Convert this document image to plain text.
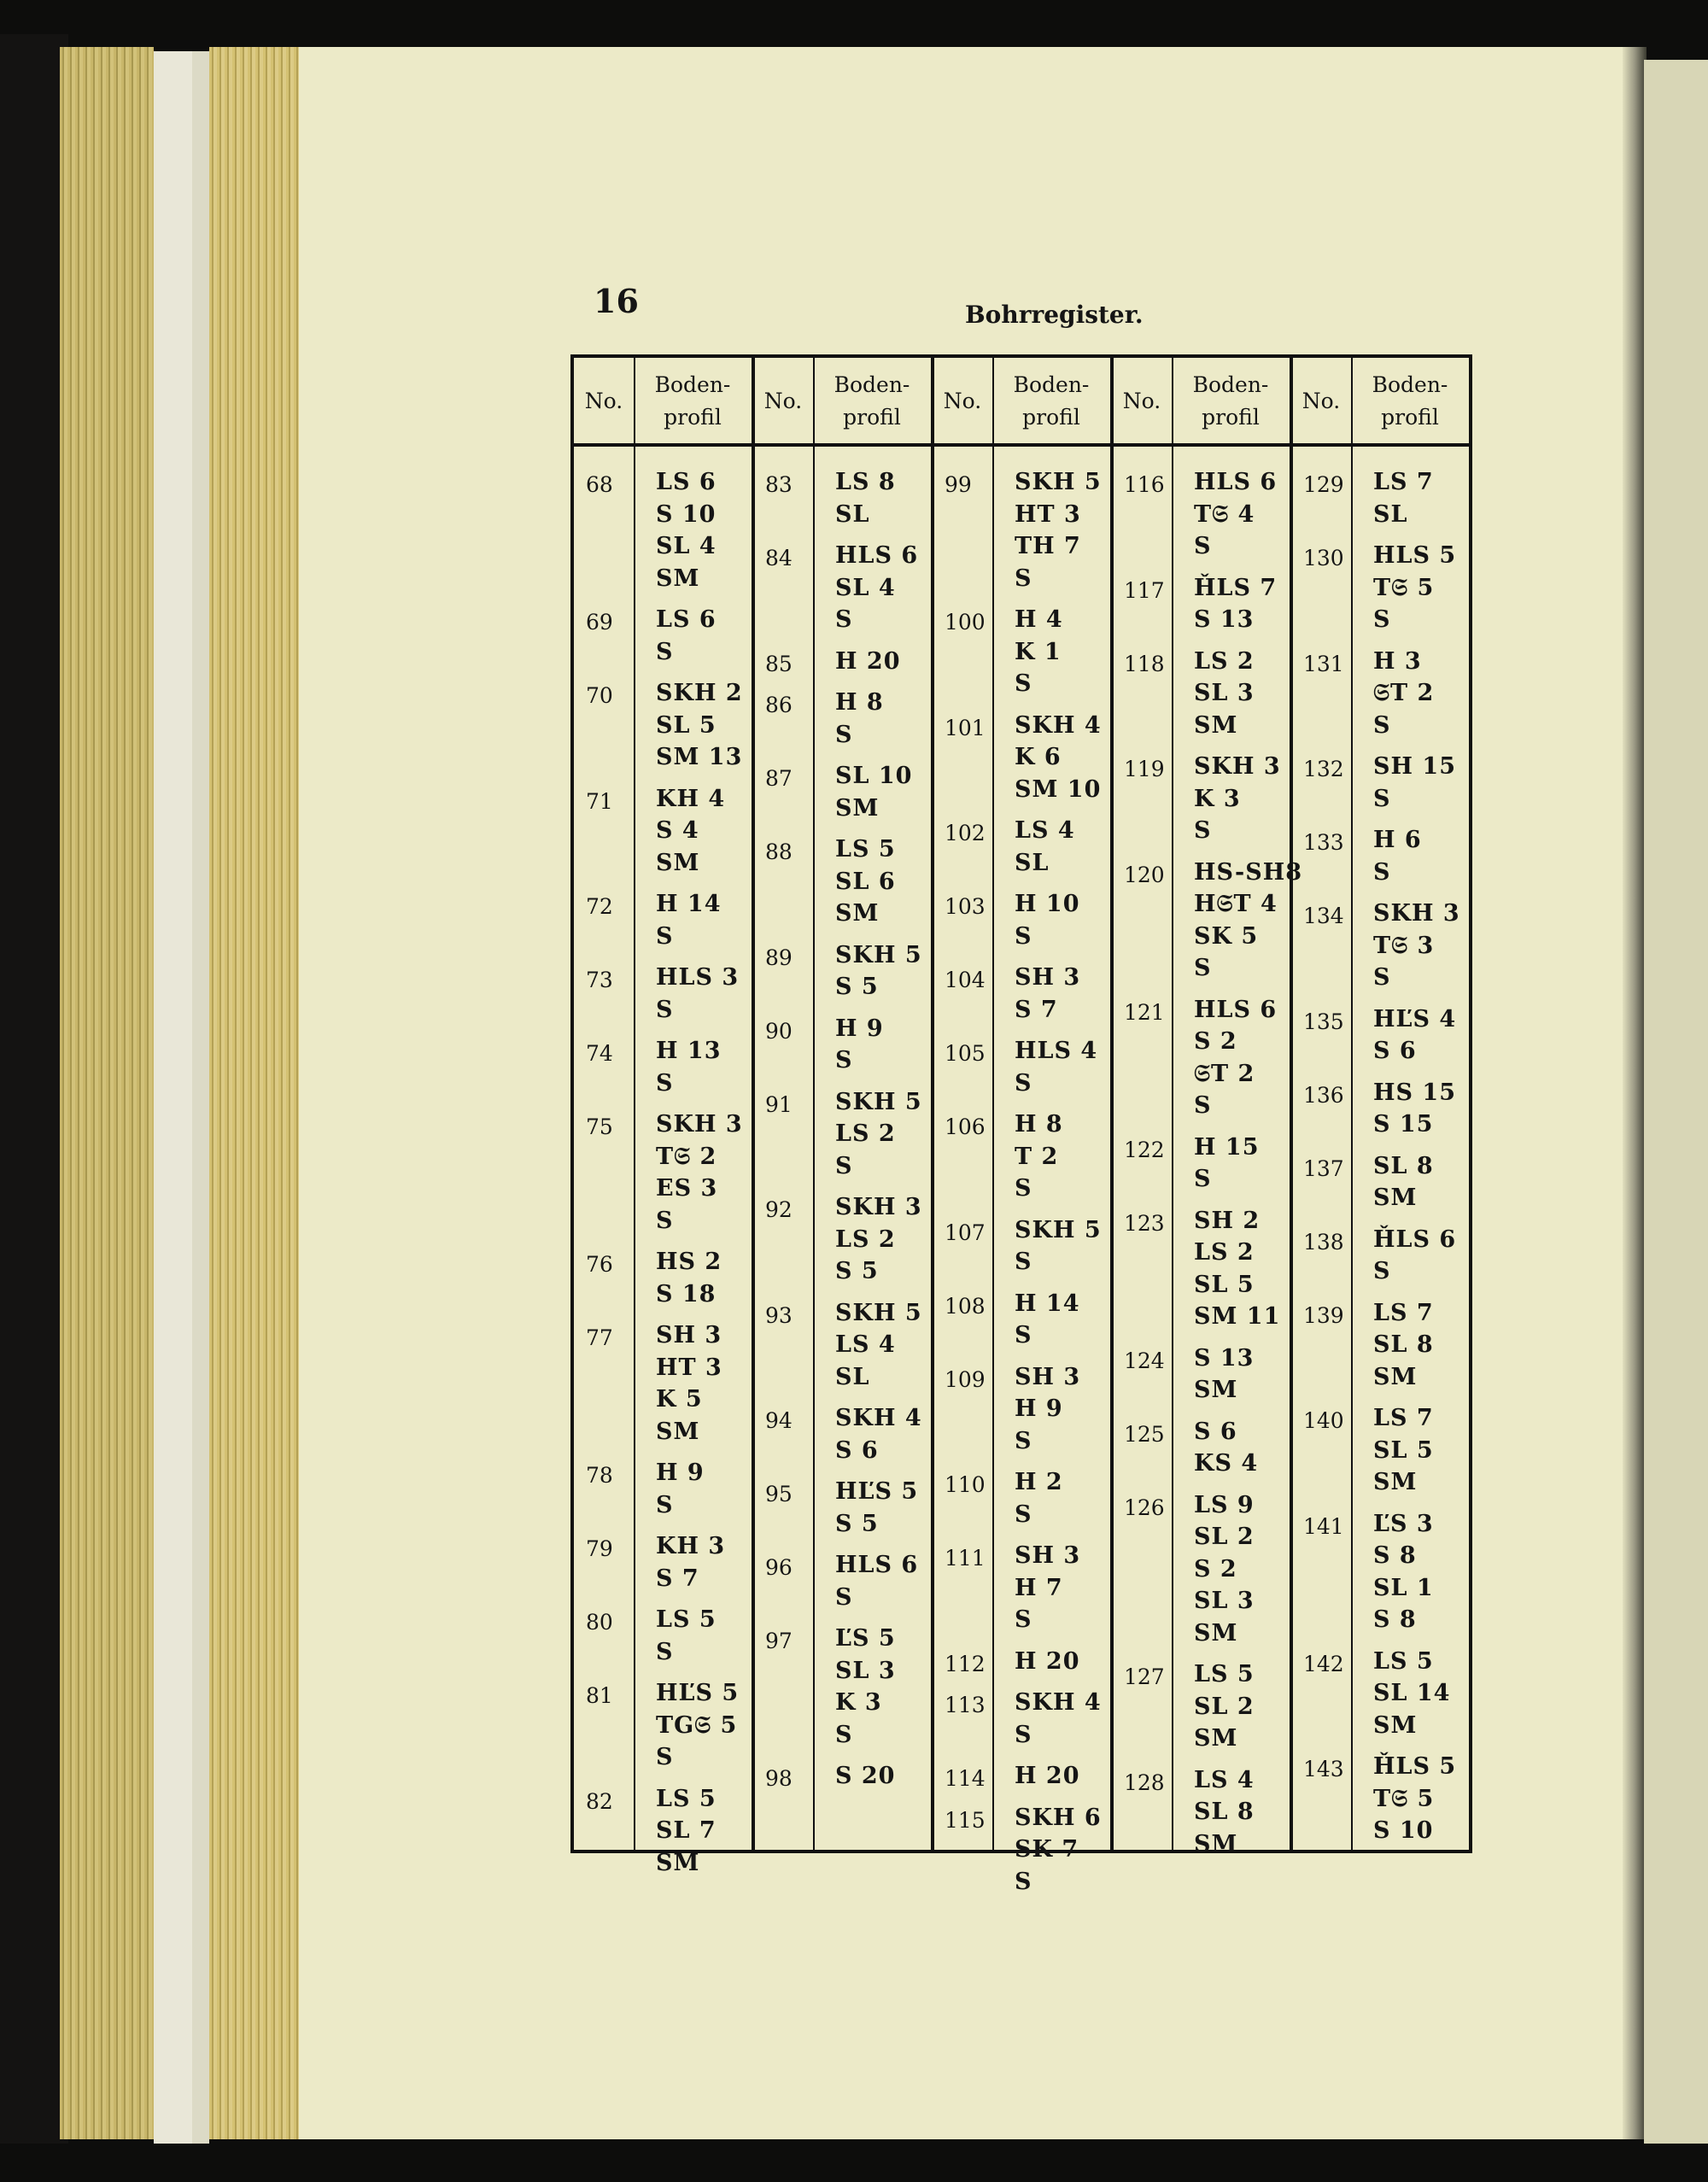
16	Bohrregister.
No.
Boden-
profil
68 LS 6
S 10
SL 4
SM
69 LS 6
S
70 SKH 2
SL 5
SM 13
71 KH 4
S 4
SM
72 H 14
S
73 HLS 3
S
74 H 13
S
75 SKH 3
T𝔖 2
ES 3
S
76 HS 2
S 18
77 SH 3
HT 3
K 5
SM
78 H 9
S
79 KH 3
S 7
80 LS 5
S
81 HĽS 5
TG𝔖 5
S
82 LS 5
SL 7
SM
No.
Boden-
profil
83 LS 8
SL
84 HLS 6
SL 4
S
85 H 20
86 H 8
S
87 SL 10
SM
88 LS 5
SL 6
SM
89 SKH 5
S 5
90 H 9
S
91 SKH 5
LS 2
S
92 SKH 3
LS 2
S 5
93 SKH 5
LS 4
SL
94 SKH 4
S 6
95 HĽS 5
S 5
96 HLS 6
S
97 ĽS 5
SL 3
K 3
S
98 S 20
No.
Boden-
profil
99 SKH 5
HT 3
TH 7
S
100 H 4
K 1
S
101 SKH 4
K 6
SM 10
102 LS 4
SL
103 H 10
S
104 SH 3
S 7
105 HLS 4
S
106 H 8
T 2
S
107 SKH 5
S
108 H 14
S
109 SH 3
H 9
S
110 H 2
S
111 SH 3
H 7
S
112 H 20
113 SKH 4
S
114 H 20
115 SKH 6
SK 7
S
No.
Boden-
profil
116 HLS 6
T𝔖 4
S
117 ȞLS 7
S 13
118 LS 2
SL 3
SM
119 SKH 3
K 3
S
120 HS-SH8
H𝔖T 4
SK 5
S
121 HLS 6
S 2
𝔖T 2
S
122 H 15
S
123 SH 2
LS 2
SL 5
SM 11
124 S 13
SM
125 S 6
KS 4
126 LS 9
SL 2
S 2
SL 3
SM
127 LS 5
SL 2
SM
128 LS 4
SL 8
SM
No.
Boden-
profil
129 LS 7
SL
130 HLS 5
T𝔖 5
S
131 H 3
𝔖T 2
S
132 SH 15
S
133 H 6
S
134 SKH 3
T𝔖 3
S
135 HĽS 4
S 6
136 HS 15
S 15
137 SL 8
SM
138 ȞLS 6
S
139 LS 7
SL 8
SM
140 LS 7
SL 5
SM
141 ĽS 3
S 8
SL 1
S 8
142 LS 5
SL 14
SM
143 ȞLS 5
T𝔖 5
S 10
